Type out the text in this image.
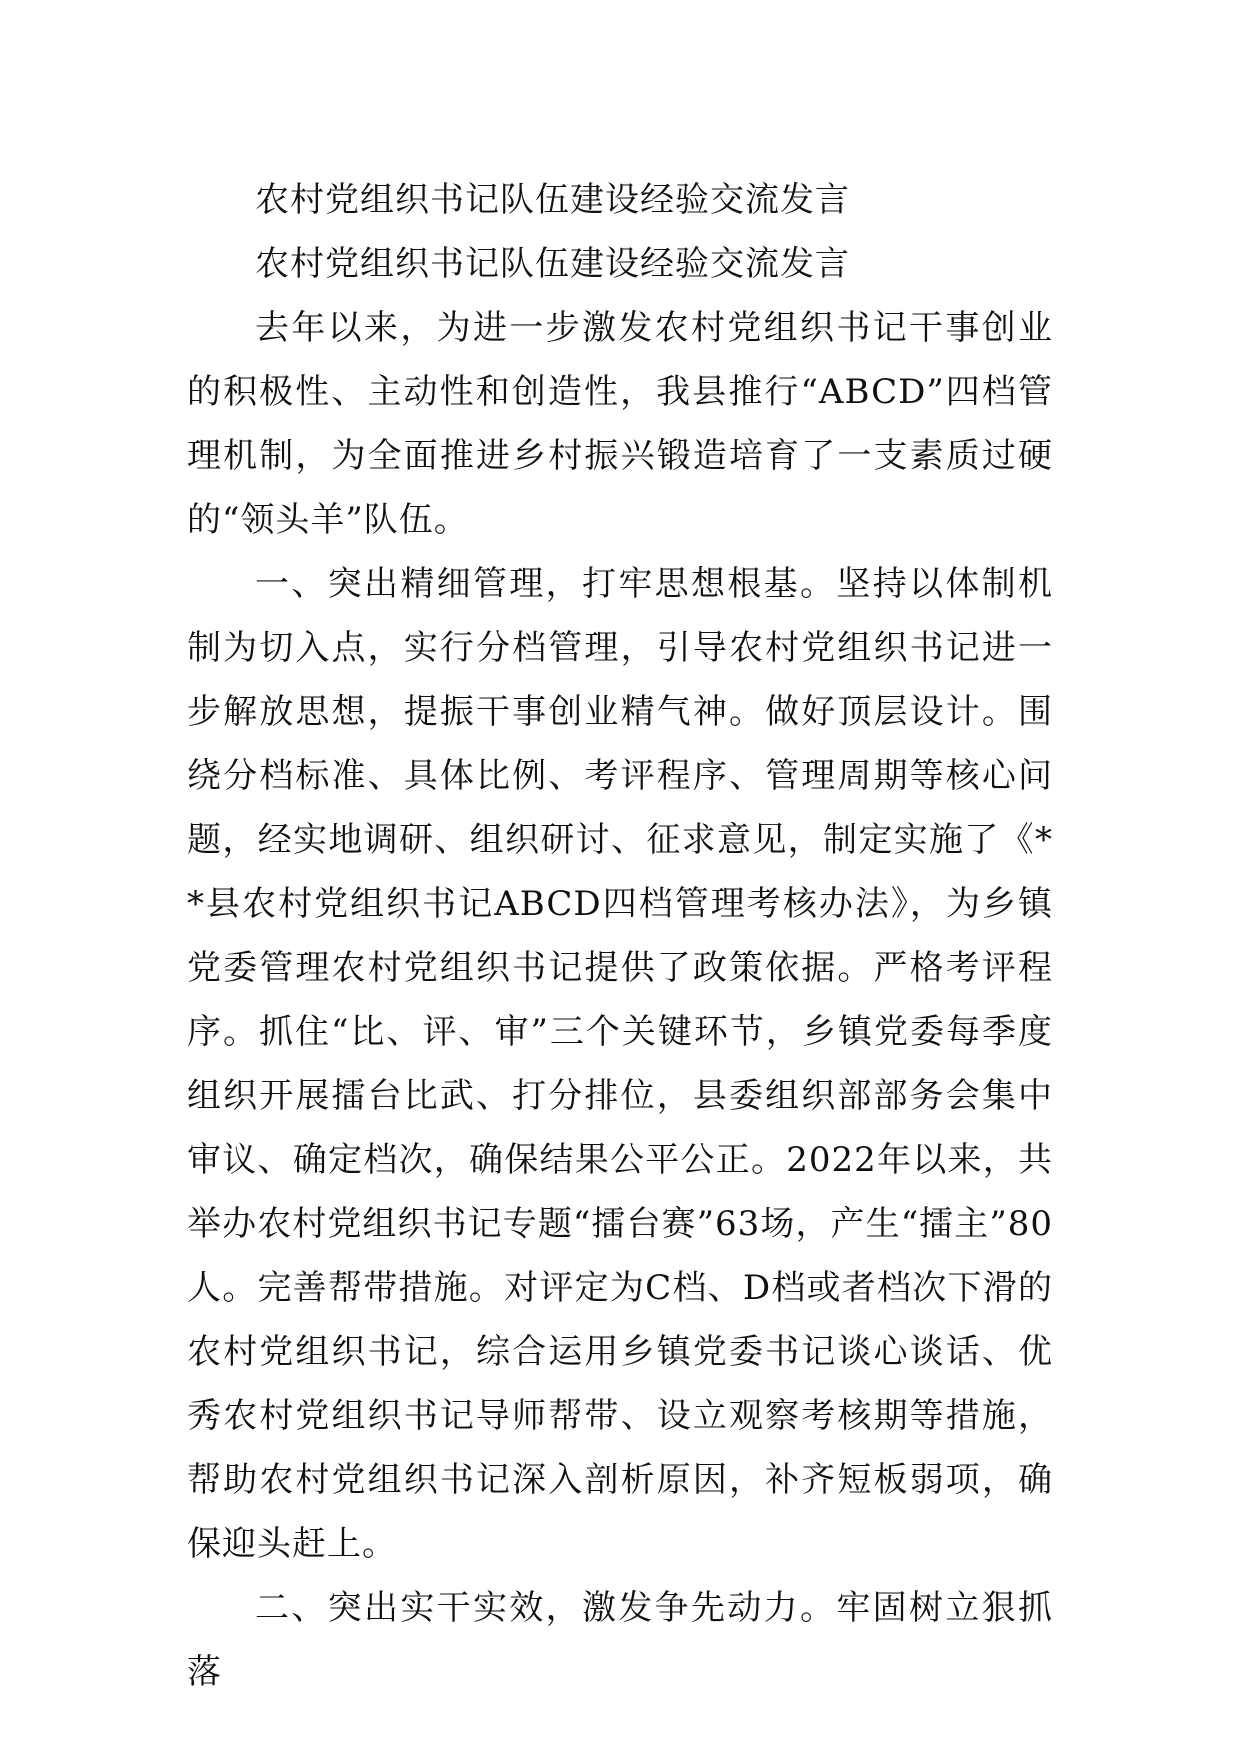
农村党组织书记队伍建设经验交流发言

农村党组织书记队伍建设经验交流发言

去年以来，为进一步激发农村党组织书记干事创业的积极性、主动性和创造性，我县推行“ABCD”四档管理机制，为全面推进乡村振兴锻造培育了一支素质过硬的“领头羊”队伍。

一、突出精细管理，打牢思想根基。坚持以体制机制为切入点，实行分档管理，引导农村党组织书记进一步解放思想，提振干事创业精气神。做好顶层设计。围绕分档标准、具体比例、考评程序、管理周期等核心问题，经实地调研、组织研讨、征求意见，制定实施了《**县农村党组织书记ABCD四档管理考核办法》，为乡镇党委管理农村党组织书记提供了政策依据。严格考评程序。抓住“比、评、审”三个关键环节，乡镇党委每季度组织开展擂台比武、打分排位，县委组织部部务会集中审议、确定档次，确保结果公平公正。2022年以来，共举办农村党组织书记专题“擂台赛”63场，产生“擂主”80人。完善帮带措施。对评定为C档、D档或者档次下滑的农村党组织书记，综合运用乡镇党委书记谈心谈话、优秀农村党组织书记导师帮带、设立观察考核期等措施，帮助农村党组织书记深入剖析原因，补齐短板弱项，确保迎头赶上。

二、突出实干实效，激发争先动力。牢固树立狠抓落
